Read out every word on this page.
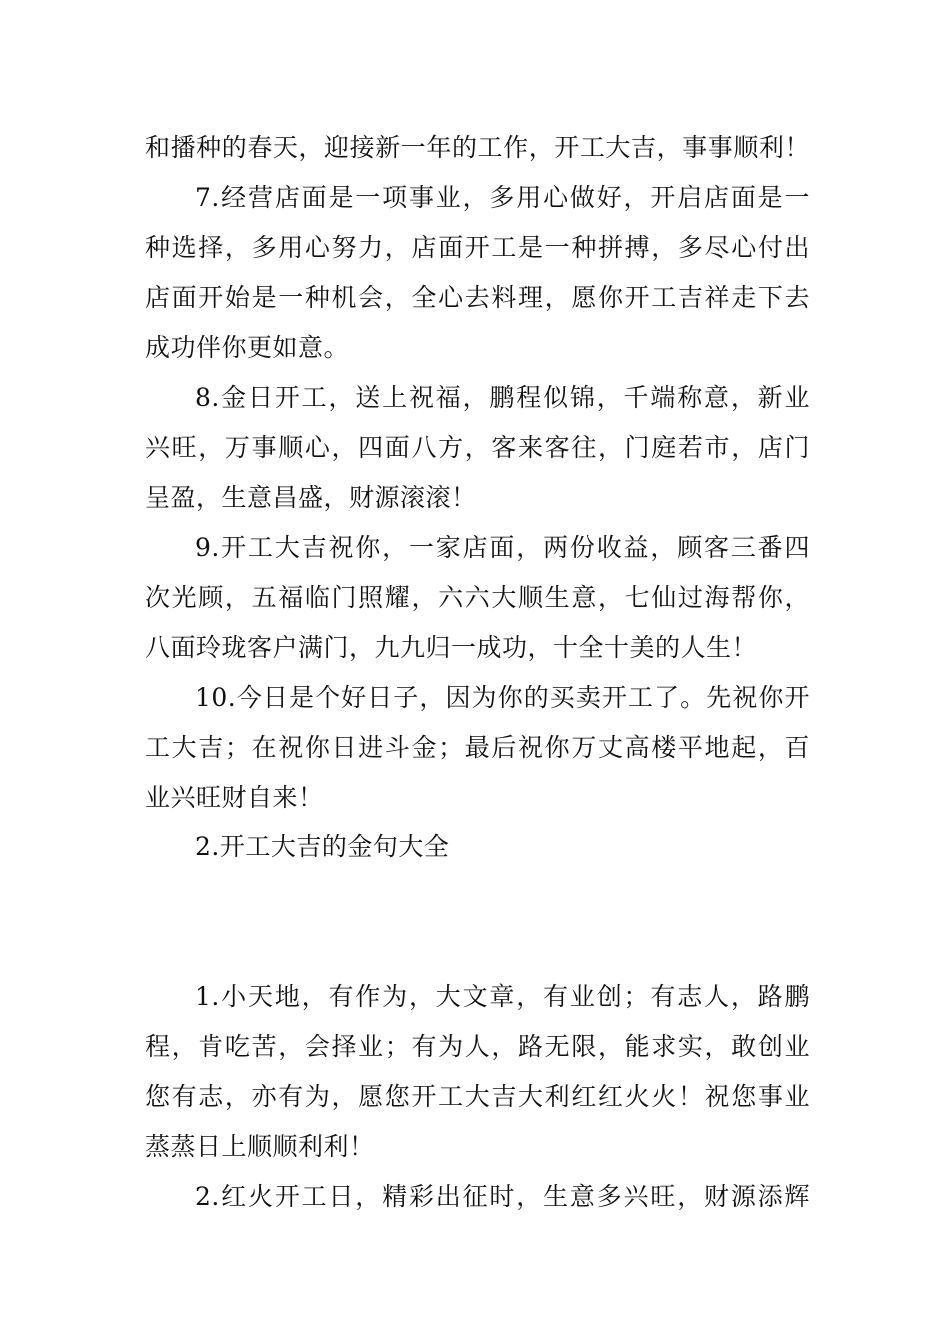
和播种的春天，迎接新一年的工作，开工大吉，事事顺利！
7.经营店面是一项事业，多用心做好，开启店面是一
种选择，多用心努力，店面开工是一种拼搏，多尽心付出
店面开始是一种机会，全心去料理，愿你开工吉祥走下去
成功伴你更如意。
8.金日开工，送上祝福，鹏程似锦，千端称意，新业
兴旺，万事顺心，四面八方，客来客往，门庭若市，店门
呈盈，生意昌盛，财源滚滚！
9.开工大吉祝你，一家店面，两份收益，顾客三番四
次光顾，五福临门照耀，六六大顺生意，七仙过海帮你，
八面玲珑客户满门，九九归一成功，十全十美的人生！
10.今日是个好日子，因为你的买卖开工了。先祝你开
工大吉；在祝你日进斗金；最后祝你万丈高楼平地起，百
业兴旺财自来！
2.开工大吉的金句大全
1.小天地，有作为，大文章，有业创；有志人，路鹏
程，肯吃苦，会择业；有为人，路无限，能求实，敢创业
您有志，亦有为，愿您开工大吉大利红红火火！祝您事业
蒸蒸日上顺顺利利！
2.红火开工日，精彩出征时，生意多兴旺，财源添辉
